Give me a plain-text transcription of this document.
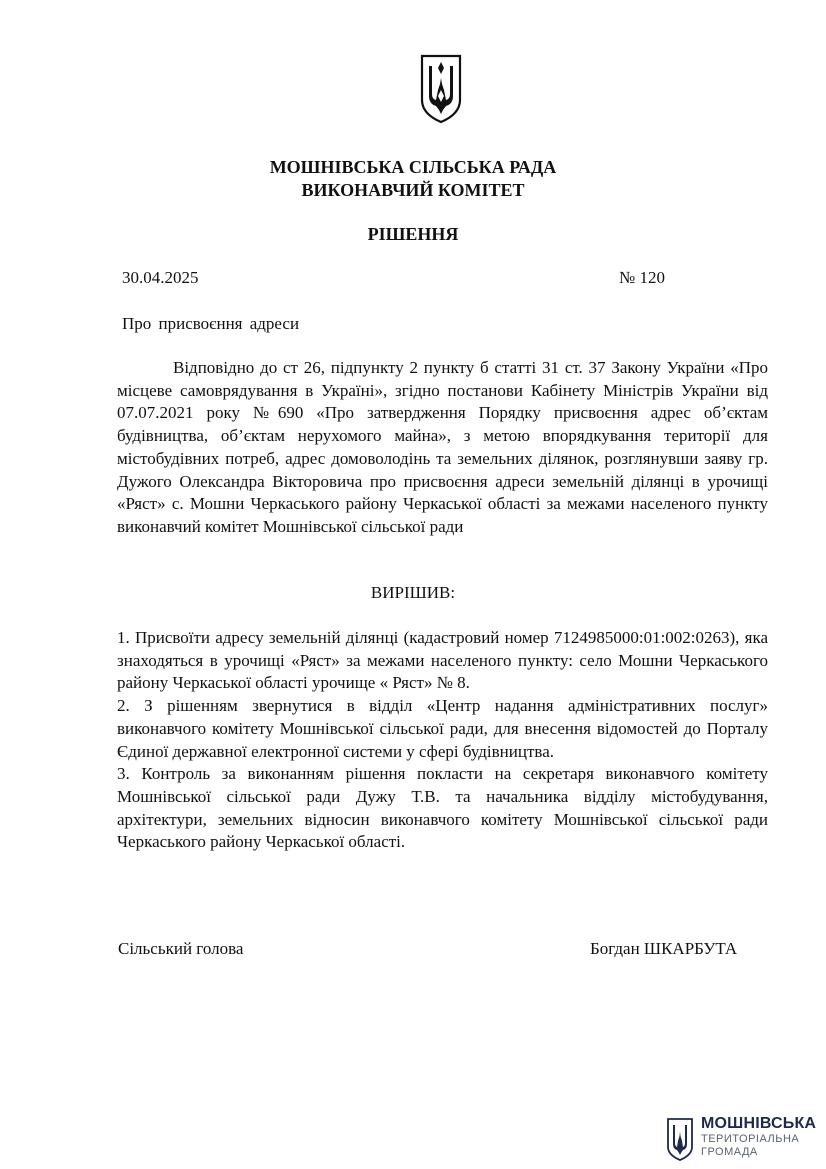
МОШНІВСЬКА СІЛЬСЬКА РАДА
ВИКОНАВЧИЙ КОМІТЕТ
РІШЕННЯ
30.04.2025	№ 120
Про присвоєння адреси

Відповідно до ст 26, підпункту 2 пункту б статті 31 ст. 37 Закону України «Про місцеве самоврядування в Україні», згідно постанови Кабінету Міністрів України від 07.07.2021 року №690 «Про затвердження Порядку присвоєння адрес об’єктам будівництва, об’єктам нерухомого майна», з метою впорядкування території для містобудівних потреб, адрес домоволодінь та земельних ділянок, розглянувши заяву гр. Дужого Олександра Вікторовича про присвоєння адреси земельній ділянці в урочищі «Ряст» с. Мошни Черкаського району Черкаської області за межами населеного пункту виконавчий комітет Мошнівської сільської ради

ВИРІШИВ:

1. Присвоїти адресу земельній ділянці (кадастровий номер 7124985000:01:002:0263), яка знаходяться в урочищі «Ряст» за межами населеного пункту: село Мошни Черкаського району Черкаської області урочище « Ряст» № 8.

2. З рішенням звернутися в відділ «Центр надання адміністративних послуг» виконавчого комітету Мошнівської сільської ради, для внесення відомостей до Порталу Єдиної державної електронної системи у сфері будівництва.

3. Контроль за виконанням рішення покласти на секретаря виконавчого комітету Мошнівської сільської ради Дужу Т.В. та начальника відділу містобудування, архітектури, земельних відносин виконавчого комітету Мошнівської сільської ради Черкаського району Черкаської області.

Сільський голова	Богдан ШКАРБУТА
МОШНІВСЬКА
ТЕРИТОРІАЛЬНА
ГРОМАДА
